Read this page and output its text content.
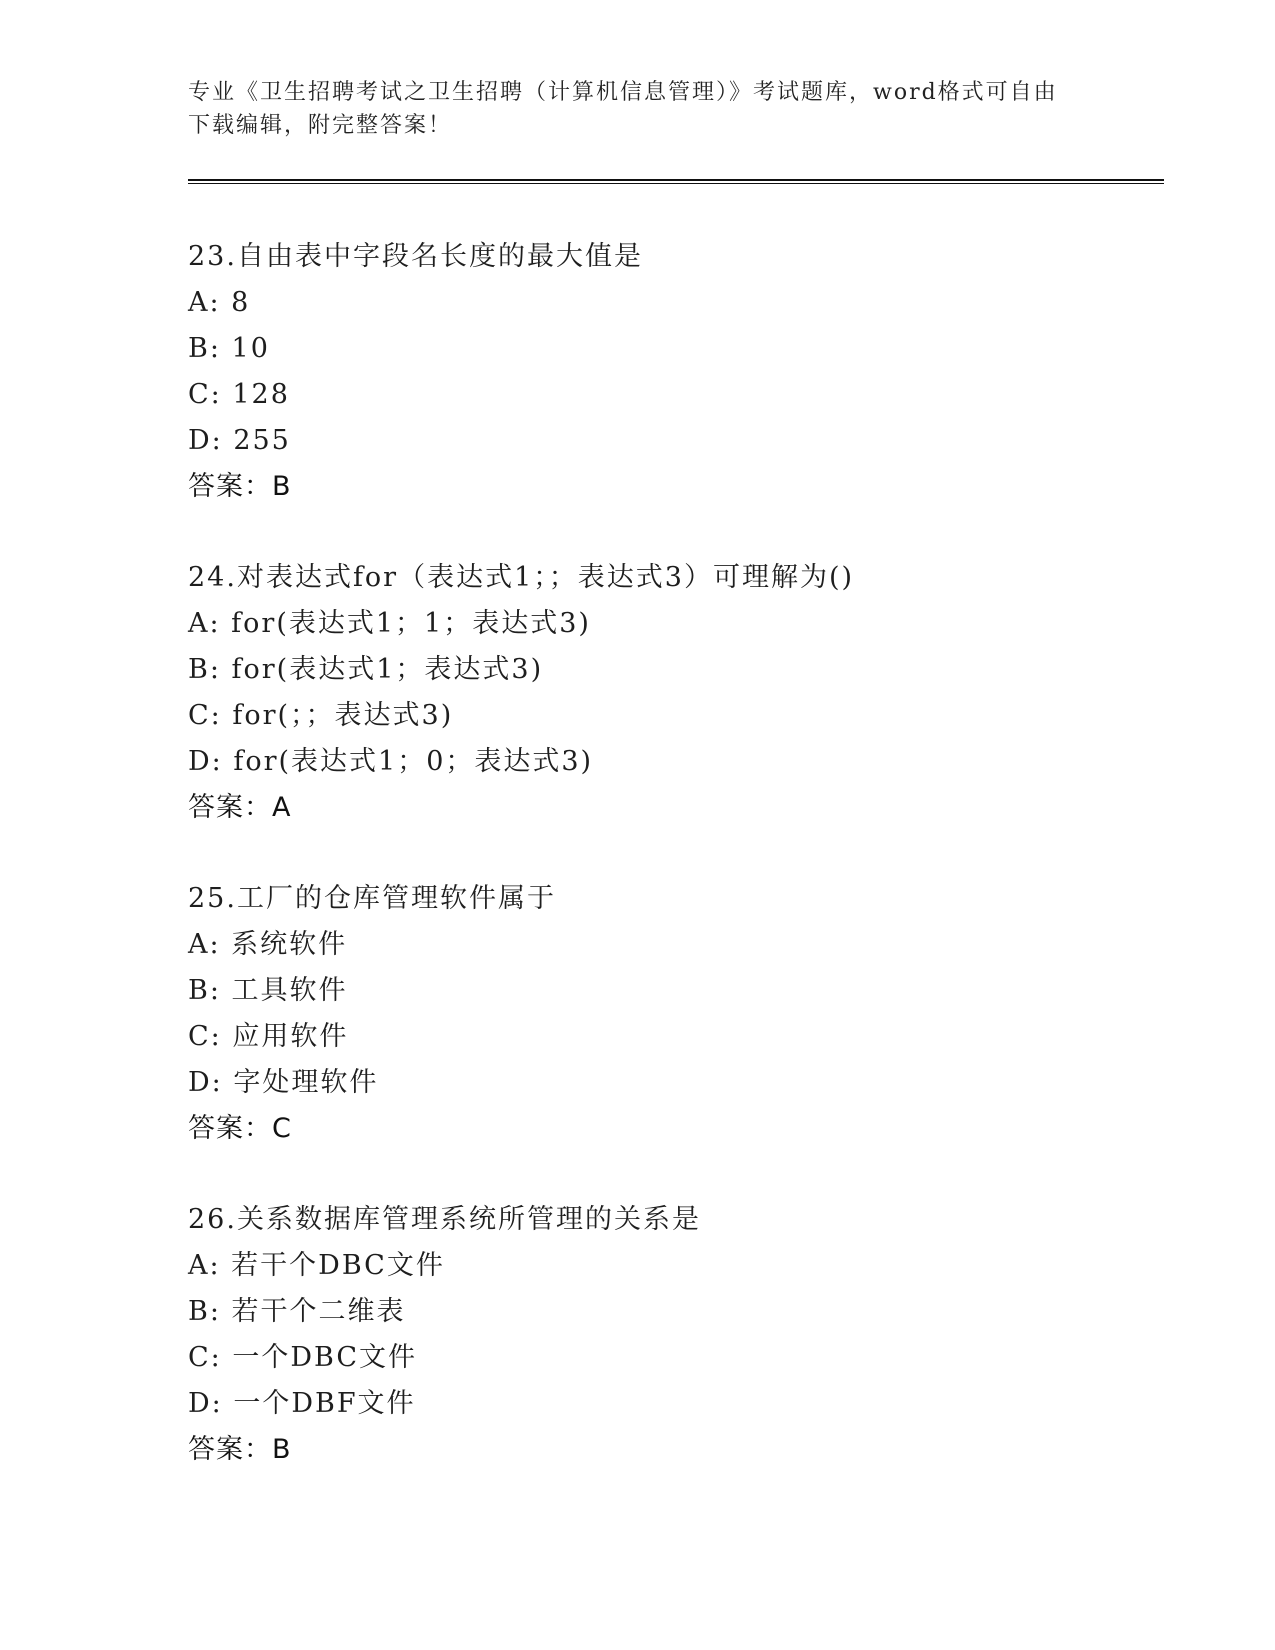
专业《卫生招聘考试之卫生招聘（计算机信息管理）》考试题库，word格式可自由下载编辑，附完整答案！
23.自由表中字段名长度的最大值是
A: 8
B: 10
C: 128
D: 255
答案：B
24.对表达式for（表达式1；；表达式3）可理解为()
A: for(表达式1；1；表达式3)
B: for(表达式1；表达式3)
C: for(；；表达式3)
D: for(表达式1；0；表达式3)
答案：A
25.工厂的仓库管理软件属于
A: 系统软件
B: 工具软件
C: 应用软件
D: 字处理软件
答案：C
26.关系数据库管理系统所管理的关系是
A: 若干个DBC文件
B: 若干个二维表
C: 一个DBC文件
D: 一个DBF文件
答案：B
